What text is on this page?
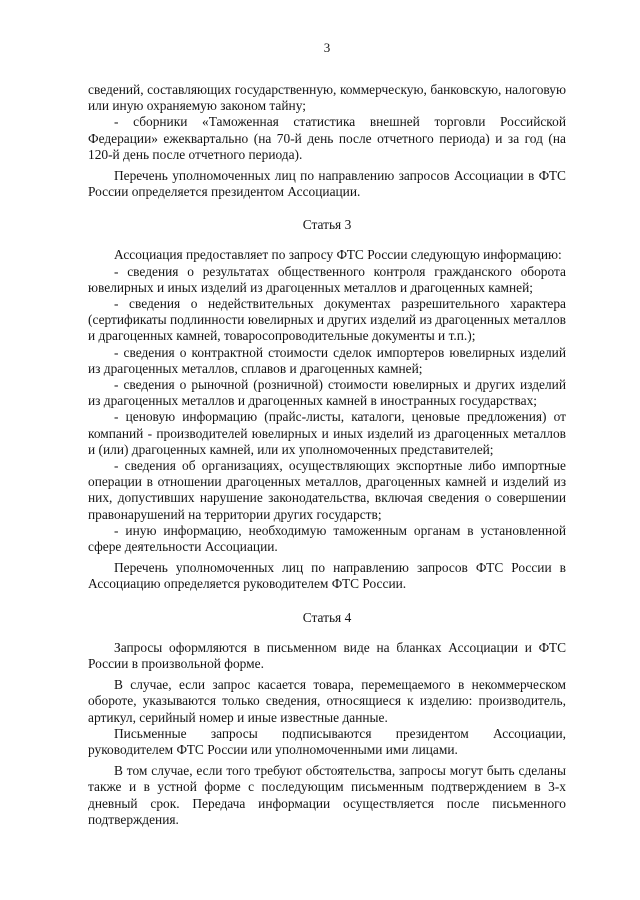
3

сведений, составляющих государственную, коммерческую, банковскую, налоговую или иную охраняемую законом тайну;

- сборники «Таможенная статистика внешней торговли Российской Федерации» ежеквартально (на 70-й день после отчетного периода) и за год (на 120-й день после отчетного периода).

Перечень уполномоченных лиц по направлению запросов Ассоциации в ФТС России определяется президентом Ассоциации.

Статья 3

Ассоциация предоставляет по запросу ФТС России следующую информацию:

- сведения о результатах общественного контроля гражданского оборота ювелирных и иных изделий из драгоценных металлов и драгоценных камней;

- сведения о недействительных документах разрешительного характера (сертификаты подлинности ювелирных и других изделий из драгоценных металлов и драгоценных камней, товаросопроводительные документы и т.п.);

- сведения о контрактной стоимости сделок импортеров ювелирных изделий из драгоценных металлов, сплавов и драгоценных камней;

- сведения о рыночной (розничной) стоимости ювелирных и других изделий из драгоценных металлов и драгоценных камней в иностранных государствах;

- ценовую информацию (прайс-листы, каталоги, ценовые предложения) от компаний - производителей ювелирных и иных изделий из драгоценных металлов и (или) драгоценных камней, или их уполномоченных представителей;

- сведения об организациях, осуществляющих экспортные либо импортные операции в отношении драгоценных металлов, драгоценных камней и изделий из них, допустивших нарушение законодательства, включая сведения о совершении правонарушений на территории других государств;

- иную информацию, необходимую таможенным органам в установленной сфере деятельности Ассоциации.

Перечень уполномоченных лиц по направлению запросов ФТС России в Ассоциацию определяется руководителем ФТС России.

Статья 4

Запросы оформляются в письменном виде на бланках Ассоциации и ФТС России в произвольной форме.

В случае, если запрос касается товара, перемещаемого в некоммерческом обороте, указываются только сведения, относящиеся к изделию: производитель, артикул, серийный номер и иные известные данные.

Письменные запросы подписываются президентом Ассоциации, руководителем ФТС России или уполномоченными ими лицами.

В том случае, если того требуют обстоятельства, запросы могут быть сделаны также и в устной форме с последующим письменным подтверждением в 3-х дневный срок. Передача информации осуществляется после письменного подтверждения.
